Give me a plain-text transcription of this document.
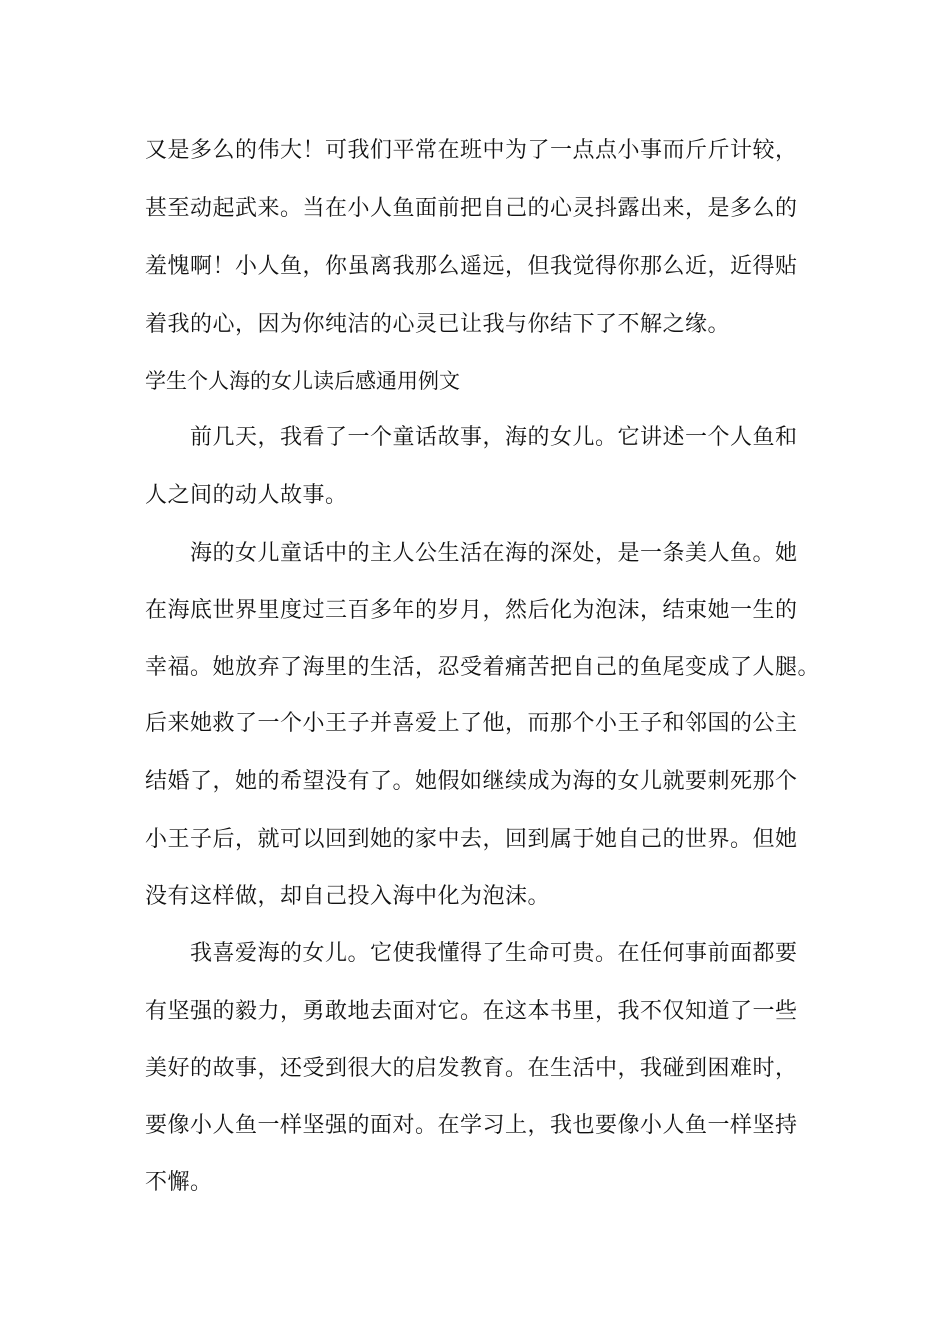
又是多么的伟大！可我们平常在班中为了一点点小事而斤斤计较，
甚至动起武来。当在小人鱼面前把自己的心灵抖露出来，是多么的
羞愧啊！小人鱼，你虽离我那么遥远，但我觉得你那么近，近得贴
着我的心，因为你纯洁的心灵已让我与你结下了不解之缘。
学生个人海的女儿读后感通用例文
前几天，我看了一个童话故事，海的女儿。它讲述一个人鱼和
人之间的动人故事。
海的女儿童话中的主人公生活在海的深处，是一条美人鱼。她
在海底世界里度过三百多年的岁月，然后化为泡沫，结束她一生的
幸福。她放弃了海里的生活，忍受着痛苦把自己的鱼尾变成了人腿。
后来她救了一个小王子并喜爱上了他，而那个小王子和邻国的公主
结婚了，她的希望没有了。她假如继续成为海的女儿就要刺死那个
小王子后，就可以回到她的家中去，回到属于她自己的世界。但她
没有这样做，却自己投入海中化为泡沫。
我喜爱海的女儿。它使我懂得了生命可贵。在任何事前面都要
有坚强的毅力，勇敢地去面对它。在这本书里，我不仅知道了一些
美好的故事，还受到很大的启发教育。在生活中，我碰到困难时，
要像小人鱼一样坚强的面对。在学习上，我也要像小人鱼一样坚持
不懈。
